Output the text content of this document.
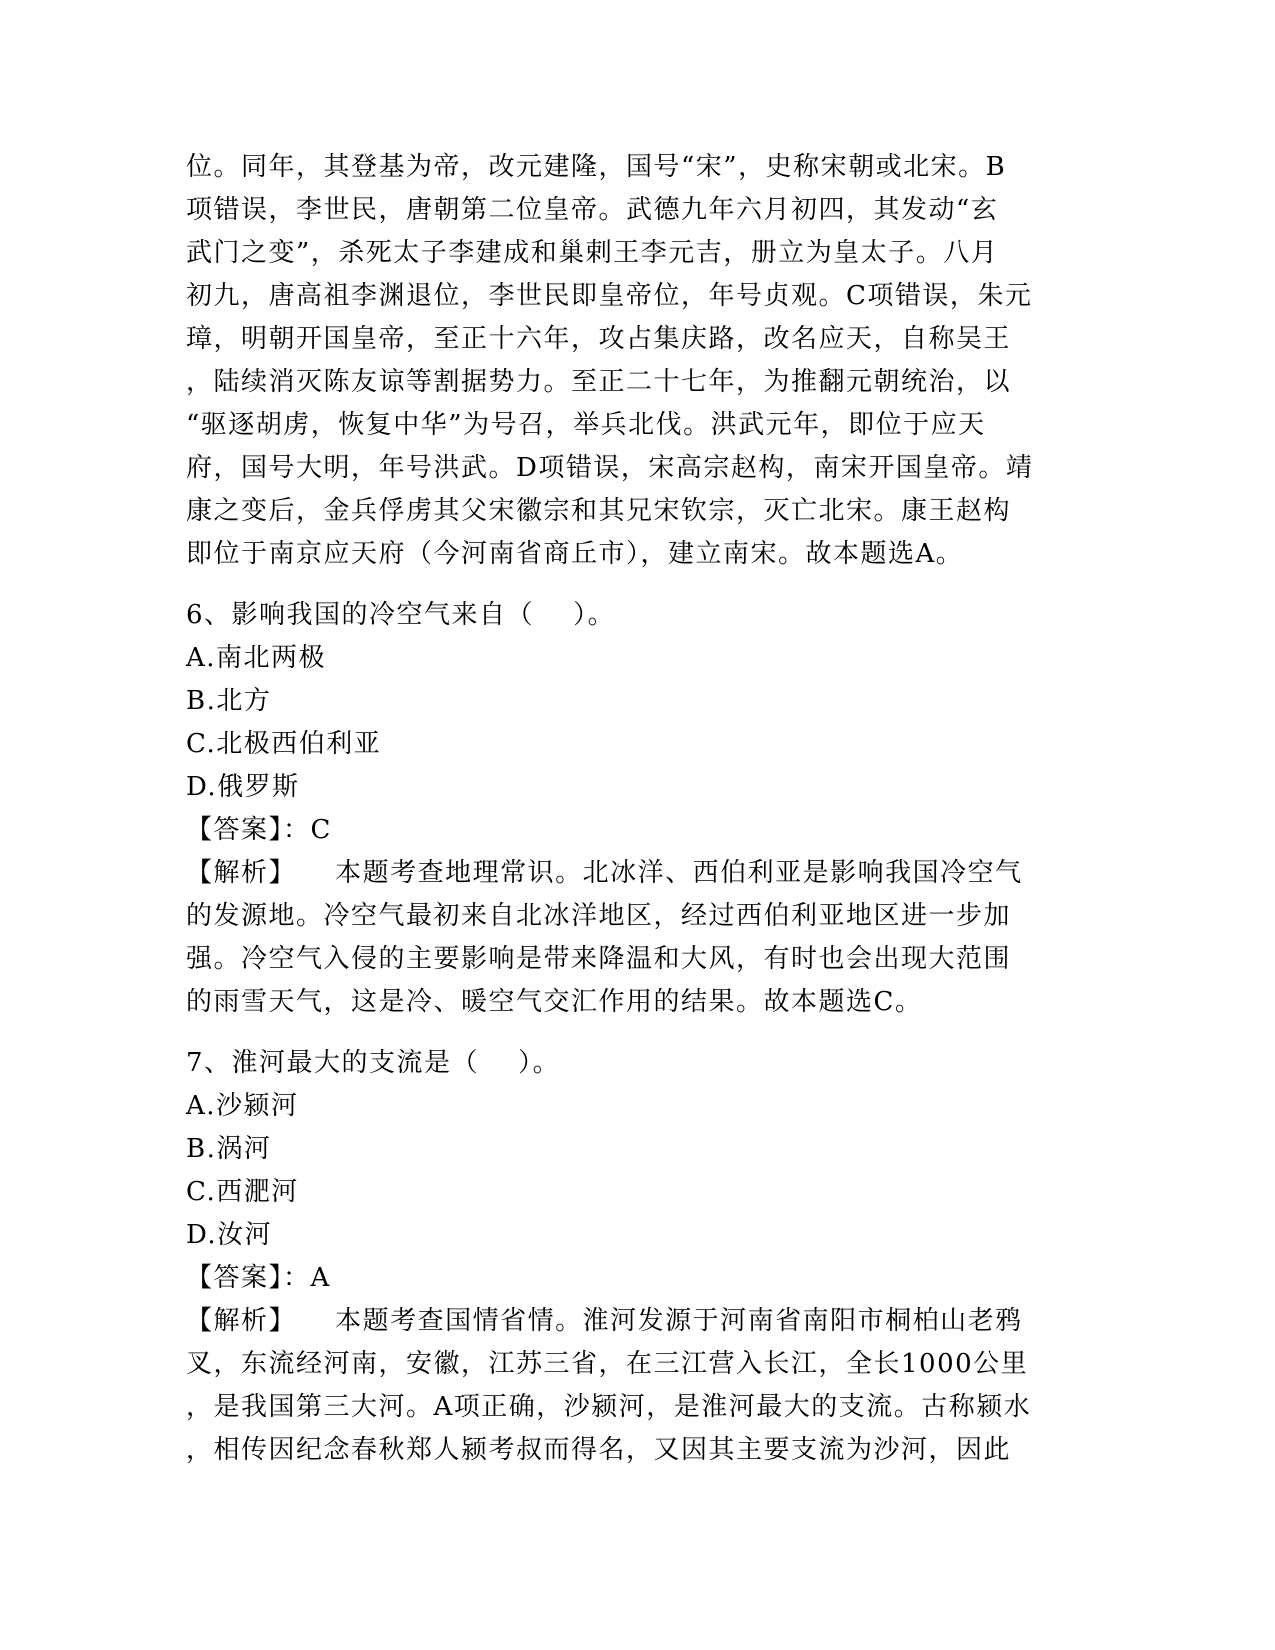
位。同年，其登基为帝，改元建隆，国号“宋”，史称宋朝或北宋。B
项错误，李世民，唐朝第二位皇帝。武德九年六月初四，其发动“玄
武门之变”，杀死太子李建成和巢剌王李元吉，册立为皇太子。八月
初九，唐高祖李渊退位，李世民即皇帝位，年号贞观。C项错误，朱元
璋，明朝开国皇帝，至正十六年，攻占集庆路，改名应天，自称吴王
，陆续消灭陈友谅等割据势力。至正二十七年，为推翻元朝统治，以
“驱逐胡虏，恢复中华”为号召，举兵北伐。洪武元年，即位于应天
府，国号大明，年号洪武。D项错误，宋高宗赵构，南宋开国皇帝。靖
康之变后，金兵俘虏其父宋徽宗和其兄宋钦宗，灭亡北宋。康王赵构
即位于南京应天府（今河南省商丘市），建立南宋。故本题选A。
6、影响我国的冷空气来自（    ）。
A.南北两极
B.北方
C.北极西伯利亚
D.俄罗斯
【答案】：C
【解析】 本题考查地理常识。北冰洋、西伯利亚是影响我国冷空气
的发源地。冷空气最初来自北冰洋地区，经过西伯利亚地区进一步加
强。冷空气入侵的主要影响是带来降温和大风，有时也会出现大范围
的雨雪天气，这是冷、暖空气交汇作用的结果。故本题选C。
7、淮河最大的支流是（    ）。
A.沙颍河
B.涡河
C.西淝河
D.汝河
【答案】：A
【解析】 本题考查国情省情。淮河发源于河南省南阳市桐柏山老鸦
叉，东流经河南，安徽，江苏三省，在三江营入长江，全长1000公里
，是我国第三大河。A项正确，沙颍河，是淮河最大的支流。古称颍水
，相传因纪念春秋郑人颍考叔而得名，又因其主要支流为沙河，因此
